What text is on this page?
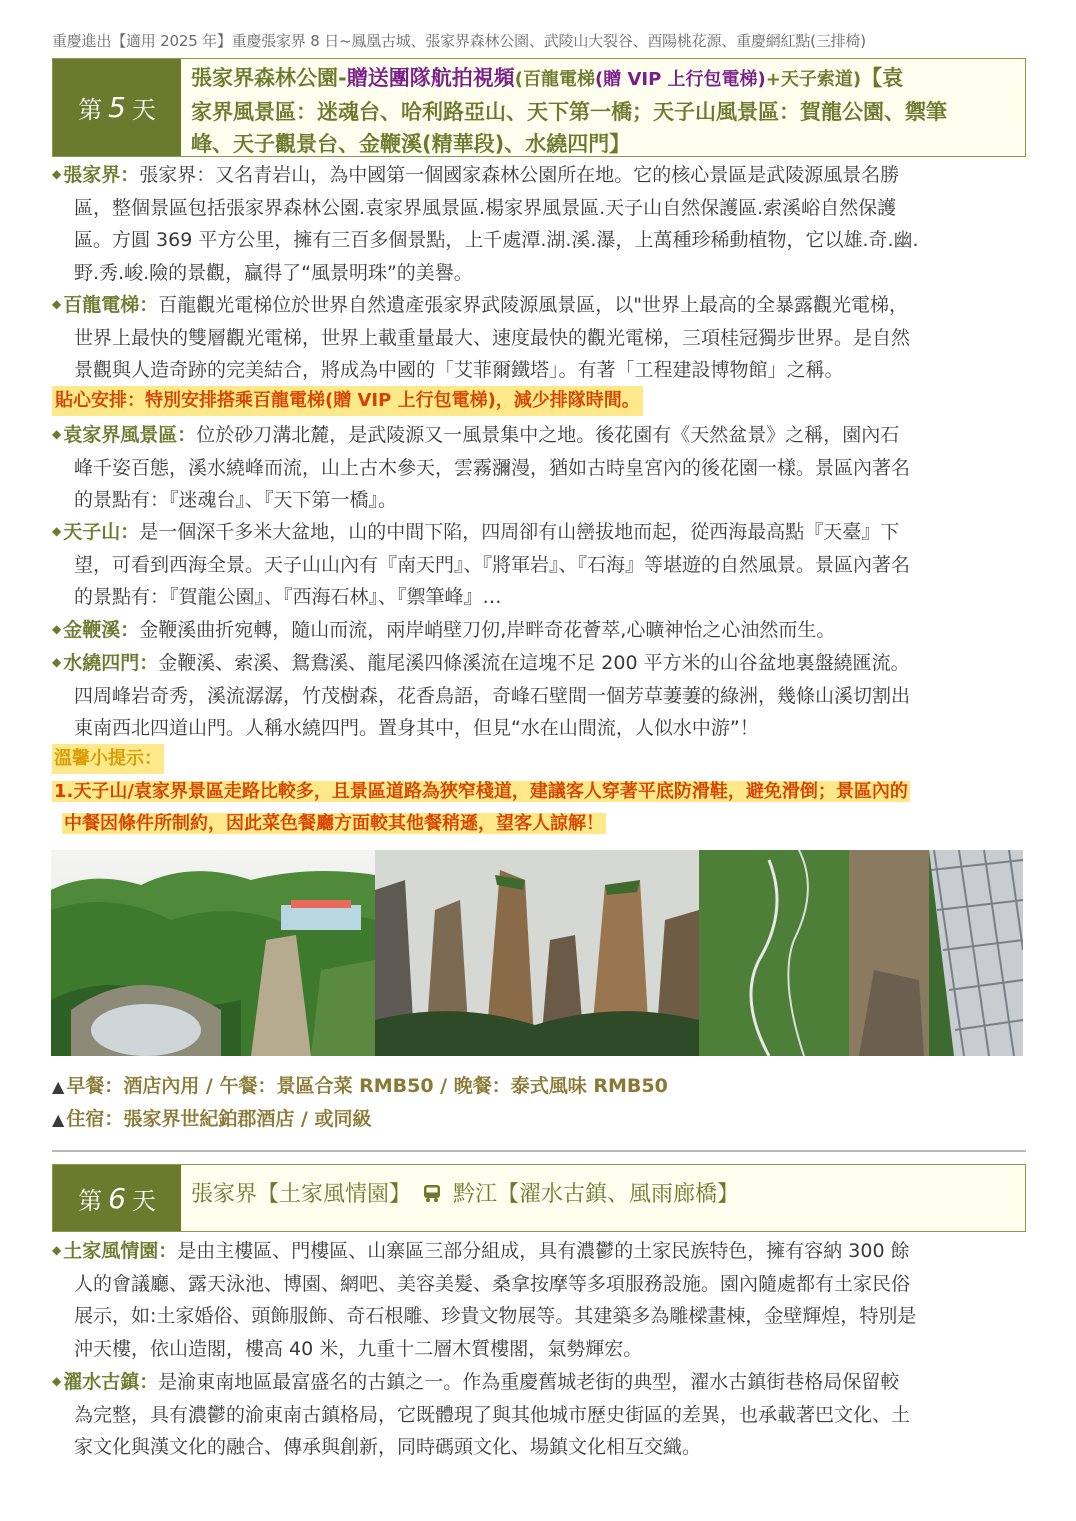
重慶進出【適用 2025 年】重慶張家界 8 日~鳳凰古城、張家界森林公園、武陵山大裂谷、酉陽桃花源、重慶網紅點(三排椅)
第 5 天
張家界森林公園-贈送團隊航拍視頻(百龍電梯(贈 VIP 上行包電梯)+天子索道)【袁
家界風景區：迷魂台、哈利路亞山、天下第一橋；天子山風景區：賀龍公園、禦筆
峰、天子觀景台、金鞭溪(精華段)、水繞四門】
◆ 張家界：張家界：又名青岩山，為中國第一個國家森林公園所在地。它的核心景區是武陵源風景名勝
區，整個景區包括張家界森林公園.袁家界風景區.楊家界風景區.天子山自然保護區.索溪峪自然保護
區。方圓 369 平方公里，擁有三百多個景點，上千處潭.湖.溪.瀑，上萬種珍稀動植物，它以雄.奇.幽.
野.秀.峻.險的景觀，贏得了“風景明珠”的美譽。
◆ 百龍電梯：百龍觀光電梯位於世界自然遺產張家界武陵源風景區，以"世界上最高的全暴露觀光電梯，
世界上最快的雙層觀光電梯，世界上載重量最大、速度最快的觀光電梯，三項桂冠獨步世界。是自然
景觀與人造奇跡的完美結合，將成為中國的「艾菲爾鐵塔」。有著「工程建設博物館」之稱。
貼心安排：特別安排搭乘百龍電梯(贈 VIP 上行包電梯)，減少排隊時間。
◆ 袁家界風景區：位於砂刀溝北麓，是武陵源又一風景集中之地。後花園有《天然盆景》之稱，園內石
峰千姿百態，溪水繞峰而流，山上古木參天，雲霧瀰漫，猶如古時皇宮內的後花園一樣。景區內著名
的景點有：『迷魂台』、『天下第一橋』。
◆ 天子山：是一個深千多米大盆地，山的中間下陷，四周卻有山巒拔地而起，從西海最高點『天臺』下
望，可看到西海全景。天子山山內有『南天門』、『將軍岩』、『石海』等堪遊的自然風景。景區內著名
的景點有：『賀龍公園』、『西海石林』、『禦筆峰』…
◆ 金鞭溪：金鞭溪曲折宛轉，隨山而流，兩岸峭壁刀仞,岸畔奇花薈萃,心曠神怡之心油然而生。
◆ 水繞四門：金鞭溪、索溪、鴛鴦溪、龍尾溪四條溪流在這塊不足 200 平方米的山谷盆地裏盤繞匯流。
四周峰岩奇秀，溪流潺潺，竹茂樹森，花香鳥語，奇峰石壁間一個芳草萋萋的綠洲，幾條山溪切割出
東南西北四道山門。人稱水繞四門。置身其中，但見“水在山間流，人似水中游”！
溫馨小提示：
1.天子山/袁家界景區走路比較多，且景區道路為狹窄棧道，建議客人穿著平底防滑鞋，避免滑倒；景區內的
中餐因條件所制約，因此菜色餐廳方面較其他餐稍遜，望客人諒解！
▲ 早餐：酒店內用 / 午餐：景區合菜 RMB50 / 晚餐：泰式風味 RMB50
▲ 住宿：張家界世紀鉑郡酒店 / 或同級
第 6 天	張家界【土家風情園】 黔江【濯水古鎮、風雨廊橋】
◆ 土家風情園：是由主樓區、門樓區、山寨區三部分組成，具有濃鬱的土家民族特色，擁有容納 300 餘
人的會議廳、露天泳池、博園、網吧、美容美髮、桑拿按摩等多項服務設施。園內隨處都有土家民俗
展示，如:土家婚俗、頭飾服飾、奇石根雕、珍貴文物展等。其建築多為雕樑畫棟，金壁輝煌，特別是
沖天樓，依山造閣，樓高 40 米，九重十二層木質樓閣，氣勢輝宏。
◆ 濯水古鎮：是渝東南地區最富盛名的古鎮之一。作為重慶舊城老街的典型，濯水古鎮街巷格局保留較
為完整，具有濃鬱的渝東南古鎮格局，它既體現了與其他城市歷史街區的差異，也承載著巴文化、土
家文化與漢文化的融合、傳承與創新，同時碼頭文化、場鎮文化相互交織。
